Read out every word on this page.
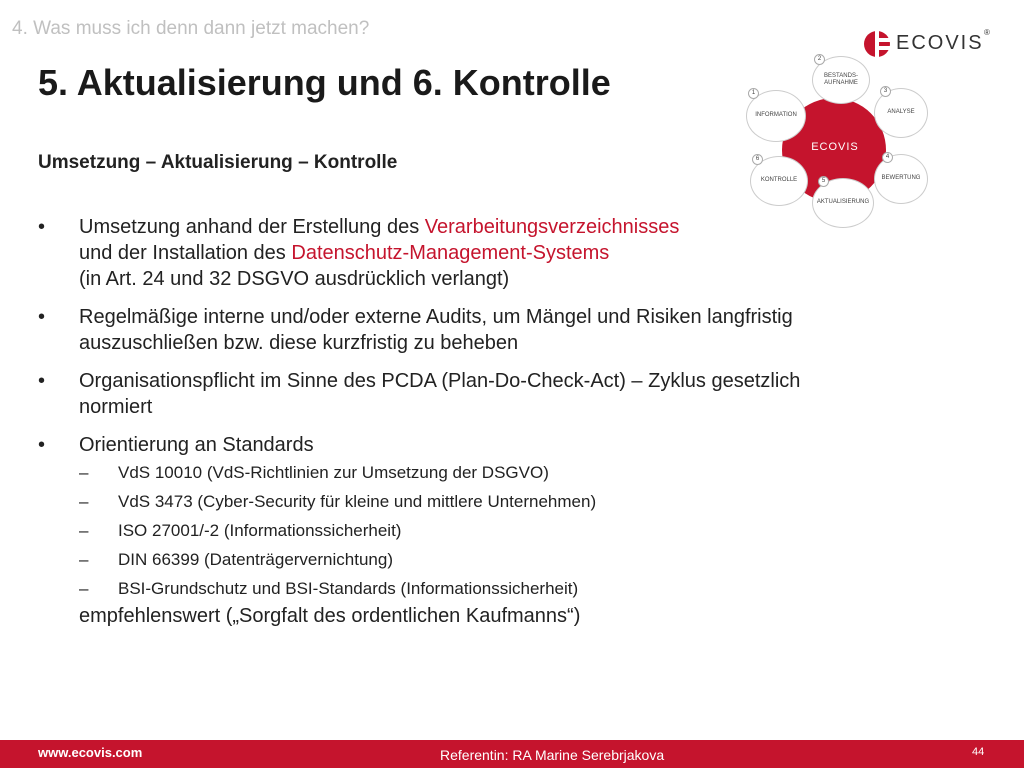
4. Was muss ich denn dann jetzt machen?
5. Aktualisierung und 6. Kontrolle
Umsetzung – Aktualisierung – Kontrolle
ECOVIS ®
ECOVIS
INFORMATION
1
BESTANDS-
AUFNAHME
2
ANALYSE
3
BEWERTUNG
4
AKTUALISIERUNG
5
KONTROLLE
6
• Umsetzung anhand der Erstellung des Verarbeitungsverzeichnisses
und der Installation des Datenschutz-Management-Systems
(in Art. 24 und 32 DSGVO ausdrücklich verlangt)
• Regelmäßige interne und/oder externe Audits, um Mängel und Risiken langfristig
auszuschließen bzw. diese kurzfristig zu beheben
• Organisationspflicht im Sinne des PCDA (Plan-Do-Check-Act) – Zyklus gesetzlich
normiert
• Orientierung an Standards
– VdS 10010 (VdS-Richtlinien zur Umsetzung der DSGVO)
– VdS 3473 (Cyber-Security für kleine und mittlere Unternehmen)
– ISO 27001/-2 (Informationssicherheit)
– DIN 66399 (Datenträgervernichtung)
– BSI-Grundschutz und BSI-Standards (Informationssicherheit)
empfehlenswert („Sorgfalt des ordentlichen Kaufmanns“)
www.ecovis.com	Referentin: RA Marine Serebrjakova	44
